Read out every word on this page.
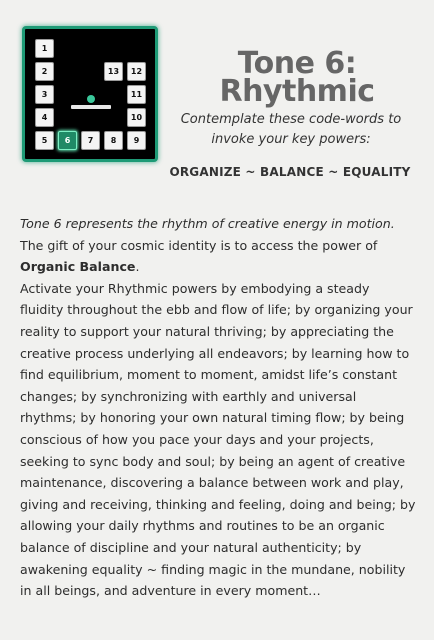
1
2
3
4
5	6	7	8	9
10
11
12
13	Tone 6:
Rhythmic
Contemplate these code-words to
invoke your key powers:
ORGANIZE ~ BALANCE ~ EQUALITY

Tone 6 represents the rhythm of creative energy in motion.

The gift of your cosmic identity is to access the power of Organic Balance.

Activate your Rhythmic powers by embodying a steady fluidity throughout the ebb and flow of life; by organizing your reality to support your natural thriving; by appreciating the creative process underlying all endeavors; by learning how to find equilibrium, moment to moment, amidst life’s constant changes; by synchronizing with earthly and universal rhythms; by honoring your own natural timing flow; by being conscious of how you pace your days and your projects, seeking to sync body and soul; by being an agent of creative maintenance, discovering a balance between work and play, giving and receiving, thinking and feeling, doing and being; by allowing your daily rhythms and routines to be an organic balance of discipline and your natural authenticity; by awakening equality ~ finding magic in the mundane, nobility in all beings, and adventure in every moment…
